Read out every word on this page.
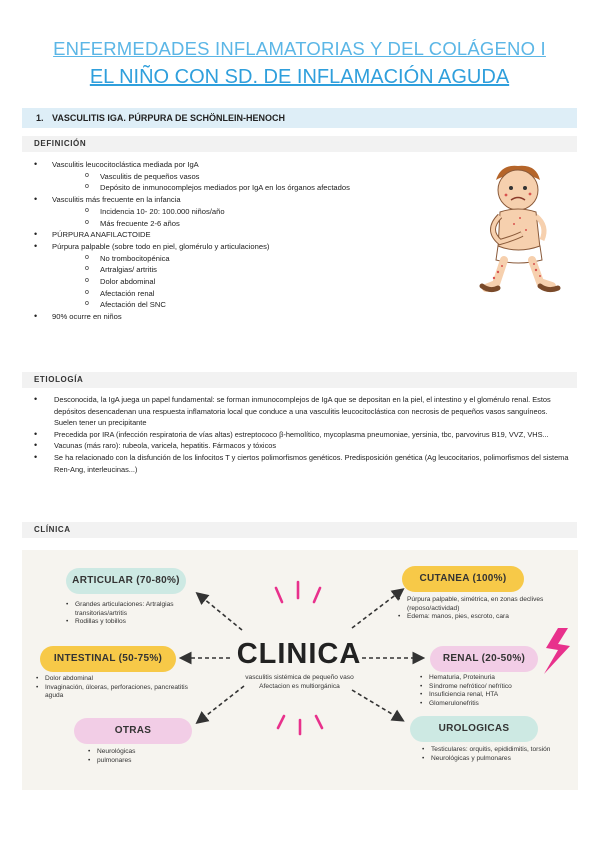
ENFERMEDADES INFLAMATORIAS Y DEL COLÁGENO I
EL NIÑO CON SD. DE INFLAMACIÓN AGUDA
1. VASCULITIS IGA. PÚRPURA DE SCHÖNLEIN-HENOCH
DEFINICIÓN
• Vasculitis leucocitoclástica mediada por IgA
o Vasculitis de pequeños vasos
o Depósito de inmunocomplejos mediados por IgA en los órganos afectados
• Vasculitis más frecuente en la infancia
o Incidencia 10- 20: 100.000 niños/año
o Más frecuente 2-6 años
• PÚRPURA ANAFILACTOIDE
• Púrpura palpable (sobre todo en piel, glomérulo y articulaciones)
o No trombocitopénica
o Artralgias/ artritis
o Dolor abdominal
o Afectación renal
o Afectación del SNC
• 90% ocurre en niños
ETIOLOGÍA
• Desconocida, la IgA juega un papel fundamental: se forman inmunocomplejos de IgA que se depositan en la piel, el intestino y el glomérulo renal. Estos depósitos desencadenan una respuesta inflamatoria local que conduce a una vasculitis leucocitoclástica con necrosis de pequeños vasos sanguíneos. Suelen tener un precipitante
• Precedida por IRA (infección respiratoria de vías altas) estreptococo β-hemolítico, mycoplasma pneumoniae, yersinia, tbc, parvovirus B19, VVZ, VHS...
• Vacunas (más raro): rubeola, varicela, hepatitis. Fármacos y tóxicos
• Se ha relacionado con la disfunción de los linfocitos T y ciertos polimorfismos genéticos. Predisposición genética (Ag leucocitarios, polimorfismos del sistema Ren-Ang, interleucinas...)
CLÍNICA
ARTICULAR (70-80%)
• Grandes articulaciones: Artralgias transitorias/artritis
• Rodillas y tobillos
INTESTINAL (50-75%)
• Dolor abdominal
• Invaginación, úlceras, perforaciones, pancreatitis aguda
OTRAS
• Neurológicas
• pulmonares
CLINICA
vasculitis sistémica de pequeño vaso
Afectacion es multiorgánica
CUTANEA (100%)
• Púrpura palpable, simétrica, en zonas declives (reposo/actividad)
• Edema: manos, pies, escroto, cara
RENAL (20-50%)
• Hematuria, Proteinuria
• Síndrome nefrótico/ nefrítico
• Insuficiencia renal, HTA
• Glomerulonefritis
UROLOGICAS
• Testiculares: orquitis, epididimitis, torsión
• Neurológicas y pulmonares
